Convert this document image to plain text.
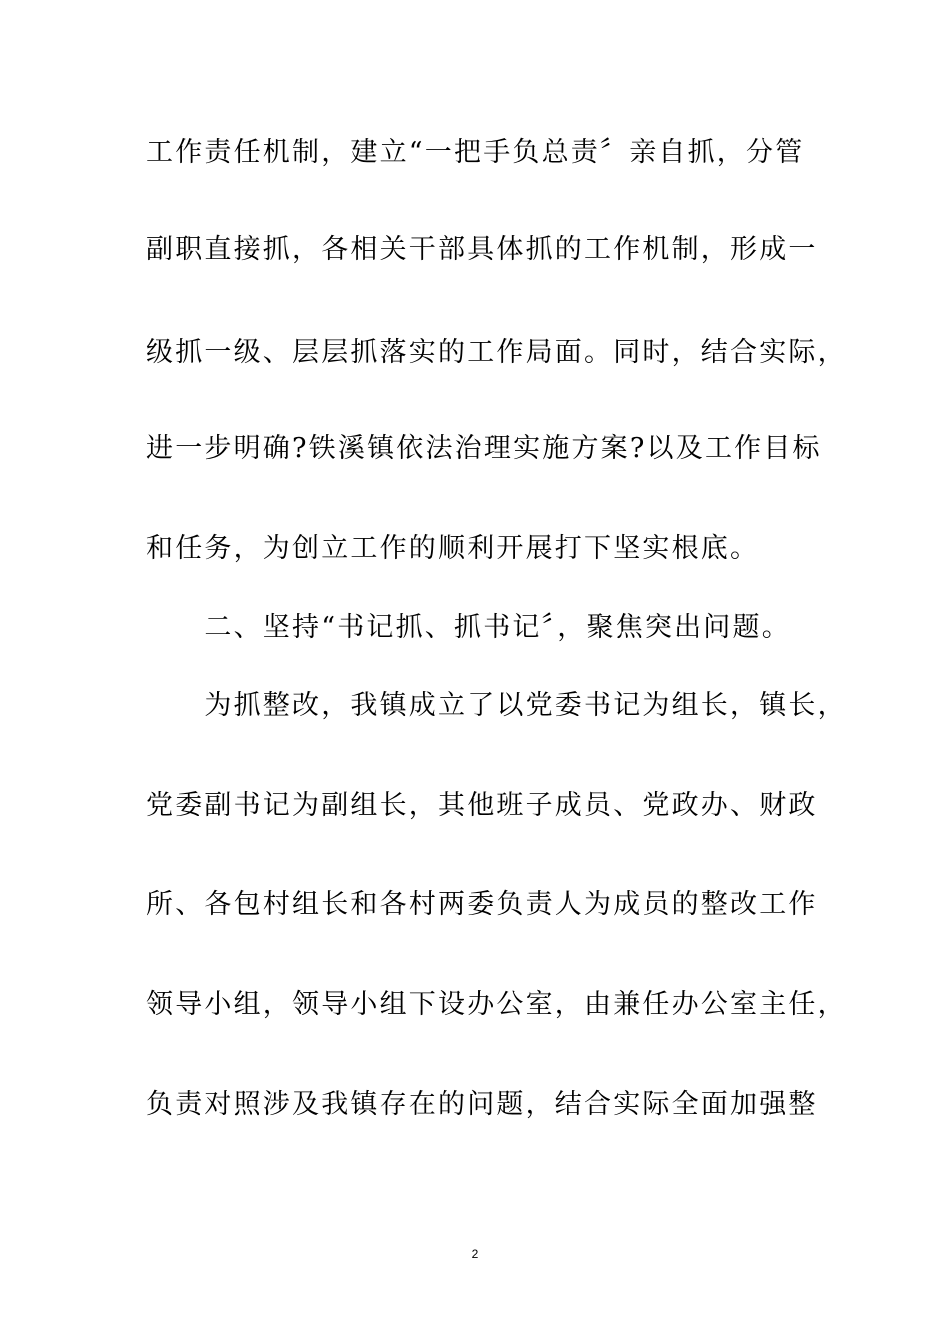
工作责任机制，建立“一把手负总责〞亲自抓，分管
副职直接抓，各相关干部具体抓的工作机制，形成一
级抓一级、层层抓落实的工作局面。同时，结合实际，
进一步明确?铁溪镇依法治理实施方案?以及工作目标
和任务，为创立工作的顺利开展打下坚实根底。
　　二、坚持“书记抓、抓书记〞，聚焦突出问题。
　　为抓整改，我镇成立了以党委书记为组长，镇长，
党委副书记为副组长，其他班子成员、党政办、财政
所、各包村组长和各村两委负责人为成员的整改工作
领导小组，领导小组下设办公室，由兼任办公室主任，
负责对照涉及我镇存在的问题，结合实际全面加强整
2
